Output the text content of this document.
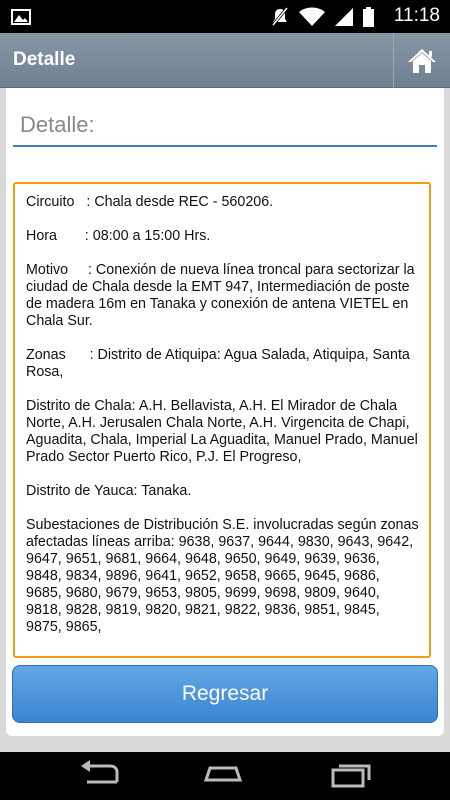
11:18
Detalle
Detalle:

Circuito   : Chala desde REC - 560206.

Hora       : 08:00 a 15:00 Hrs.

Motivo     : Conexión de nueva línea troncal para sectorizar la ciudad de Chala desde la EMT 947, Intermediación de poste de madera 16m en Tanaka y conexión de antena VIETEL en Chala Sur.

Zonas      : Distrito de Atiquipa: Agua Salada, Atiquipa, Santa Rosa,

Distrito de Chala: A.H. Bellavista, A.H. El Mirador de Chala Norte, A.H. Jerusalen Chala Norte, A.H. Virgencita de Chapi, Aguadita, Chala, Imperial La Aguadita, Manuel Prado, Manuel Prado Sector Puerto Rico, P.J. El Progreso,

Distrito de Yauca: Tanaka.

Subestaciones de Distribución S.E. involucradas según zonas afectadas líneas arriba: 9638, 9637, 9644, 9830, 9643, 9642, 9647, 9651, 9681, 9664, 9648, 9650, 9649, 9639, 9636, 9848, 9834, 9896, 9641, 9652, 9658, 9665, 9645, 9686, 9685, 9680, 9679, 9653, 9805, 9699, 9698, 9809, 9640, 9818, 9828, 9819, 9820, 9821, 9822, 9836, 9851, 9845, 9875, 9865,

Regresar
